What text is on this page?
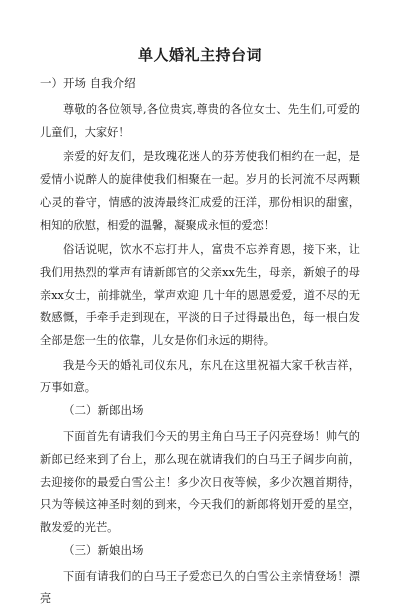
单人婚礼主持台词
一）开场 自我介绍

尊敬的各位领导,各位贵宾,尊贵的各位女士、先生们,可爱的儿童们，大家好！

亲爱的好友们，是玫瑰花迷人的芬芳使我们相约在一起，是爱情小说醉人的旋律使我们相聚在一起。岁月的长河流不尽两颗心灵的眷守，情感的波涛最终汇成爱的汪洋，那份相识的甜蜜，相知的欣慰，相爱的温馨，凝聚成永恒的爱恋！

俗话说呢，饮水不忘打井人，富贵不忘养育恩，接下来，让我们用热烈的掌声有请新郎官的父亲xx先生，母亲，新娘子的母亲xx女士，前排就坐，掌声欢迎 几十年的恩恩爱爱，道不尽的无数感慨，手牵手走到现在，平淡的日子过得最出色，每一根白发全部是您一生的依靠，儿女是你们永远的期待。

我是今天的婚礼司仪东凡，东凡在这里祝福大家千秋吉祥，万事如意。

（二）新郎出场

下面首先有请我们今天的男主角白马王子闪亮登场！帅气的新郎已经来到了台上，那么现在就请我们的白马王子阔步向前，去迎接你的最爱白雪公主！多少次日夜等候，多少次翘首期待，只为等候这神圣时刻的到来，今天我们的新郎将划开爱的星空，散发爱的光芒。

（三）新娘出场

下面有请我们的白马王子爱恋已久的白雪公主亲情登场！漂亮
